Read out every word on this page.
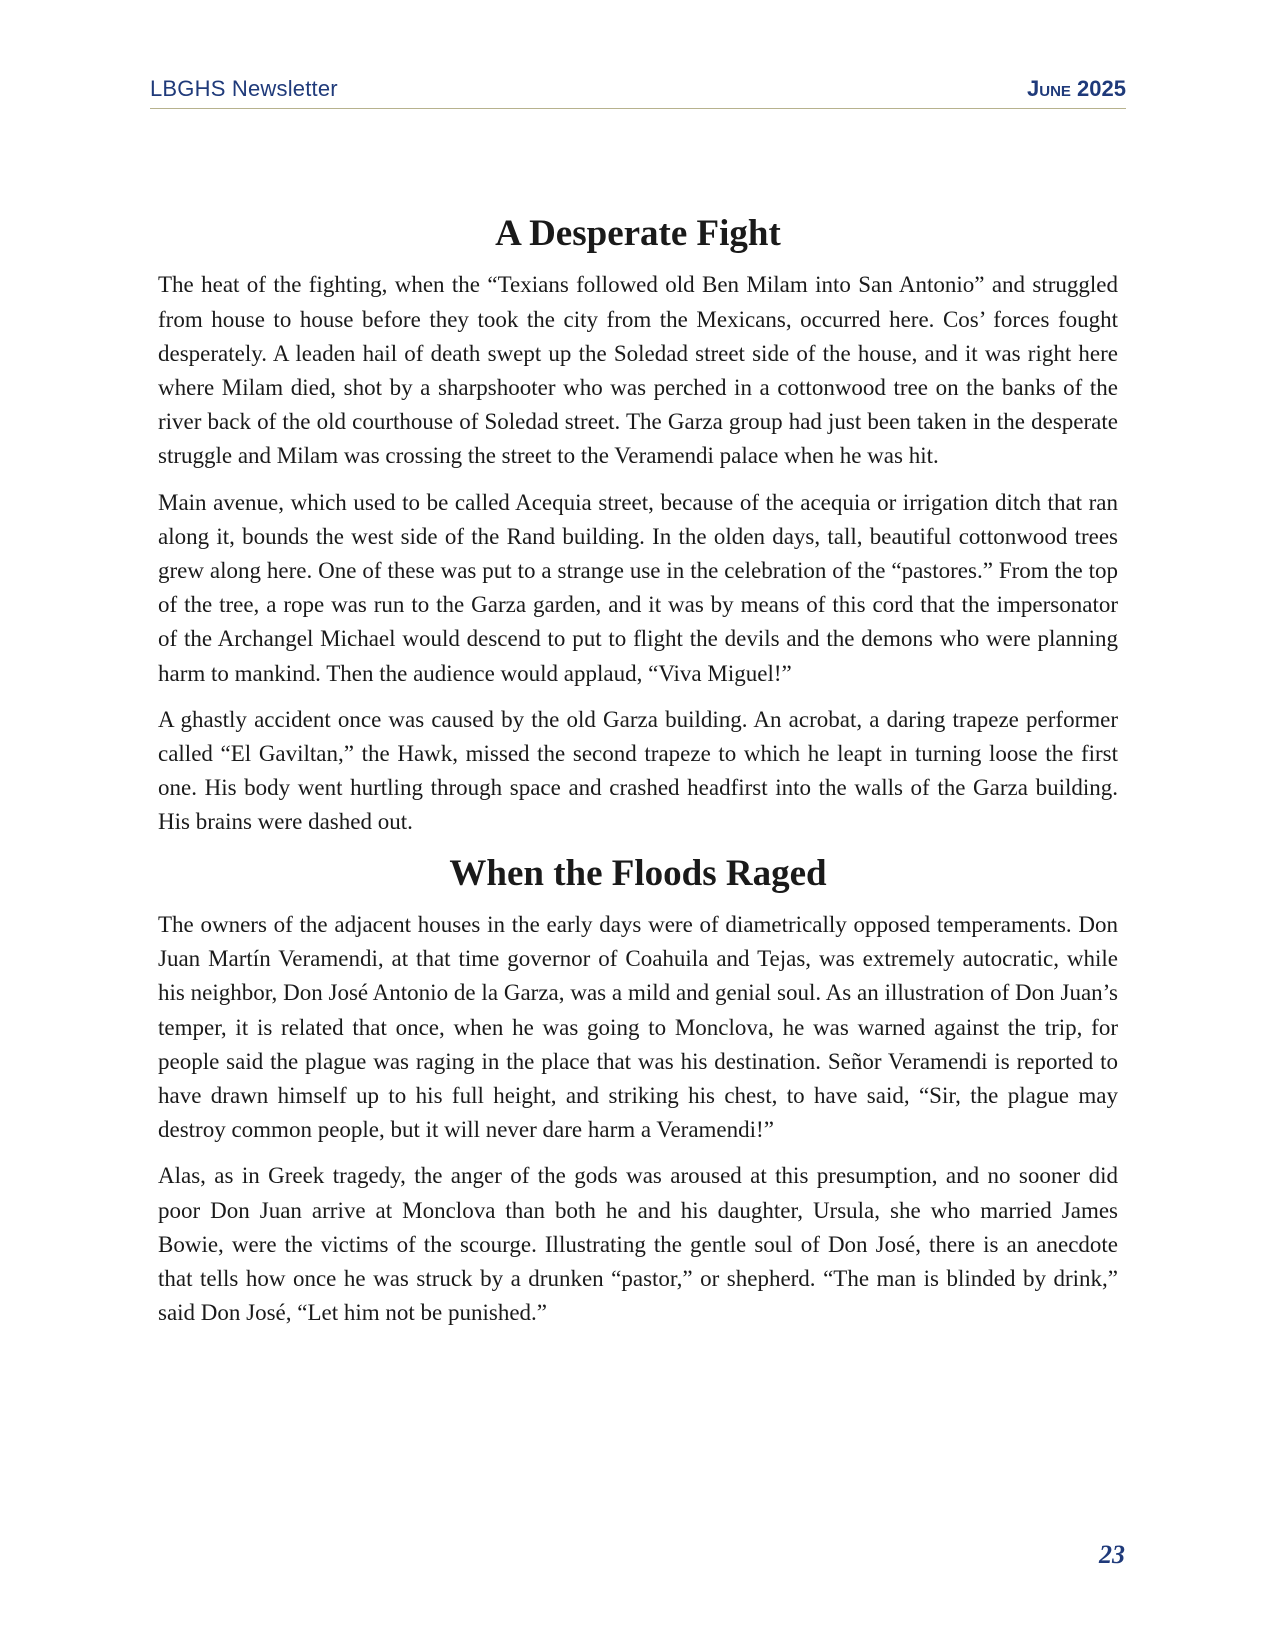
LBGHS Newsletter	June 2025
A Desperate Fight

The heat of the fighting, when the “Texians followed old Ben Milam into San Antonio” and struggled from house to house before they took the city from the Mexicans, occurred here. Cos’ forces fought desperately. A leaden hail of death swept up the Soledad street side of the house, and it was right here where Milam died, shot by a sharpshooter who was perched in a cottonwood tree on the banks of the river back of the old courthouse of Soledad street. The Garza group had just been taken in the desperate struggle and Milam was crossing the street to the Veramendi palace when he was hit.

Main avenue, which used to be called Acequia street, because of the acequia or irrigation ditch that ran along it, bounds the west side of the Rand building. In the olden days, tall, beautiful cottonwood trees grew along here. One of these was put to a strange use in the celebration of the “pastores.” From the top of the tree, a rope was run to the Garza garden, and it was by means of this cord that the impersonator of the Archangel Michael would descend to put to flight the devils and the demons who were planning harm to mankind. Then the audience would applaud, “Viva Miguel!”

A ghastly accident once was caused by the old Garza building. An acrobat, a daring trapeze performer called “El Gaviltan,” the Hawk, missed the second trapeze to which he leapt in turning loose the first one. His body went hurtling through space and crashed headfirst into the walls of the Garza building. His brains were dashed out.

When the Floods Raged

The owners of the adjacent houses in the early days were of diametrically opposed temperaments. Don Juan Martín Veramendi, at that time governor of Coahuila and Tejas, was extremely autocratic, while his neighbor, Don José Antonio de la Garza, was a mild and genial soul. As an illustration of Don Juan’s temper, it is related that once, when he was going to Monclova, he was warned against the trip, for people said the plague was raging in the place that was his destination. Señor Veramendi is reported to have drawn himself up to his full height, and striking his chest, to have said, “Sir, the plague may destroy common people, but it will never dare harm a Veramendi!”

Alas, as in Greek tragedy, the anger of the gods was aroused at this presumption, and no sooner did poor Don Juan arrive at Monclova than both he and his daughter, Ursula, she who married James Bowie, were the victims of the scourge. Illustrating the gentle soul of Don José, there is an anecdote that tells how once he was struck by a drunken “pastor,” or shepherd. “The man is blinded by drink,” said Don José, “Let him not be punished.”

23
